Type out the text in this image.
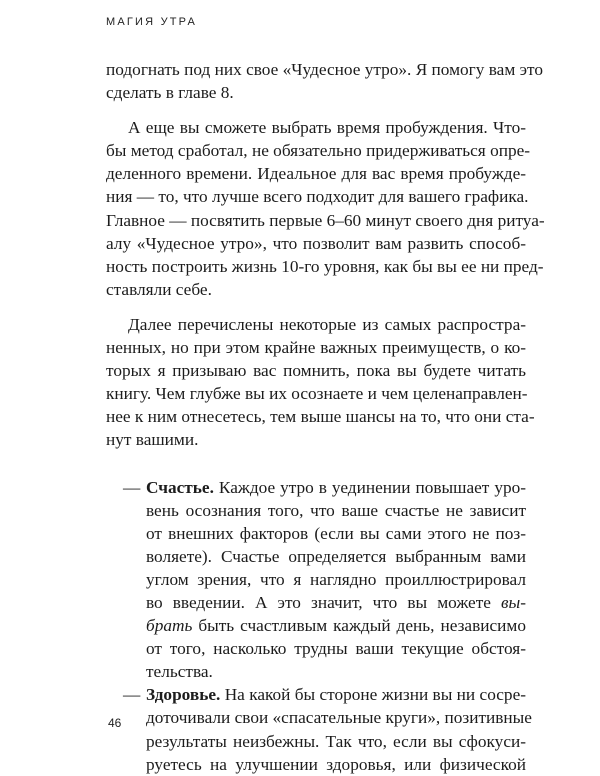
МАГИЯ УТРА
подогнать под них свое «Чудесное утро». Я помогу вам это
сделать в главе 8.
А еще вы сможете выбрать время пробуждения. Что-
бы метод сработал, не обязательно придерживаться опре-
деленного времени. Идеальное для вас время пробужде-
ния — то, что лучше всего подходит для вашего графика.
Главное — посвятить первые 6–60 минут своего дня ритуа-
алу «Чудесное утро», что позволит вам развить способ-
ность построить жизнь 10-го уровня, как бы вы ее ни пред-
ставляли себе.
Далее перечислены некоторые из самых распростра-
ненных, но при этом крайне важных преимуществ, о ко-
торых я призываю вас помнить, пока вы будете читать
книгу. Чем глубже вы их осознаете и чем целенаправлен-
нее к ним отнесетесь, тем выше шансы на то, что они ста-
нут вашими.
— Счастье. Каждое утро в уединении повышает уро-
вень осознания того, что ваше счастье не зависит
от внешних факторов (если вы сами этого не поз-
воляете). Счастье определяется выбранным вами
углом зрения, что я наглядно проиллюстрировал
во введении. А это значит, что вы можете вы-
брать быть счастливым каждый день, независимо
от того, насколько трудны ваши текущие обстоя-
тельства.
— Здоровье. На какой бы стороне жизни вы ни сосре-
доточивали свои «спасательные круги», позитивные
результаты неизбежны. Так что, если вы сфокуси-
руетесь на улучшении здоровья, или физической
46
